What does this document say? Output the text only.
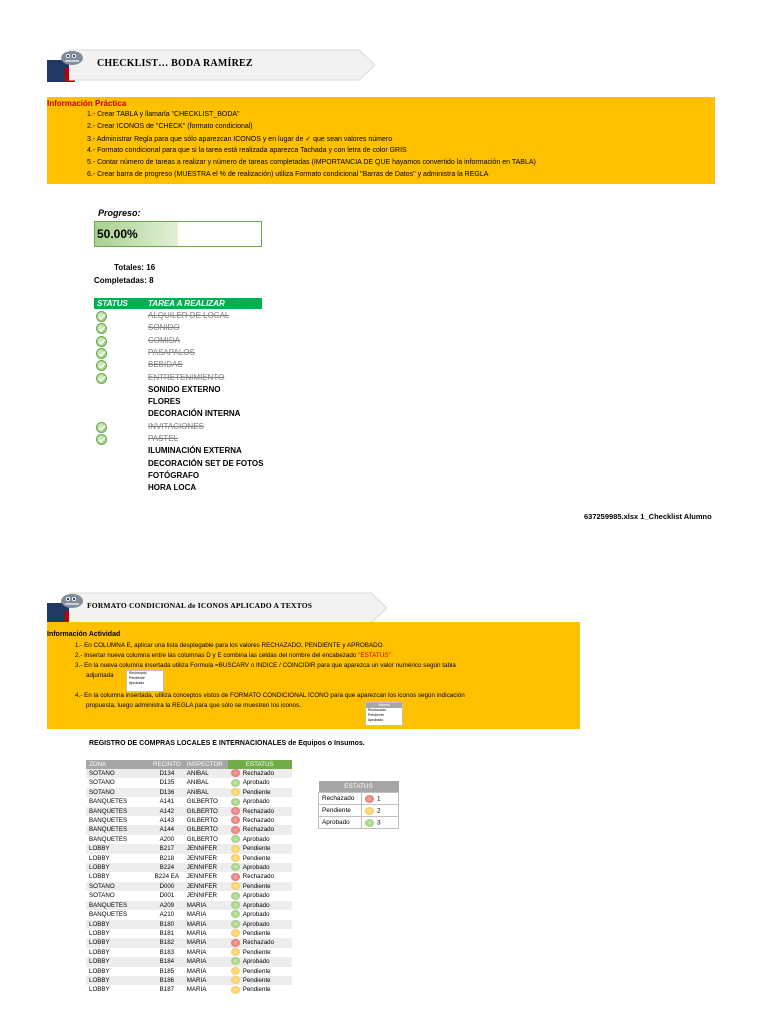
CHECKLIST… BODA RAMÍREZ
Información Práctica
1.- Crear TABLA y llamarla "CHECKLIST_BODA"
2.- Crear ICONOS de "CHECK" (formato condicional)
3.- Administrar Regla para que sólo aparezcan ICONOS y en lugar de ✓ que sean valores número
4.- Formato condicional para que si la tarea está realizada aparezca Tachada y con letra de color GRIS
5.- Contar número de tareas a realizar y número de tareas completadas (IMPORTANCIA DE QUE hayamos convertido la información en TABLA)
6.- Crear barra de progreso (MUESTRA el % de realización) utiliza Formato condicional "Barras de Datos" y administra la REGLA
Progreso:
50.00%
Totales: 16
Completadas: 8
STATUS	TAREA A REALIZAR
ALQUILER DE LOCAL
SONIDO
COMIDA
PASAPALOS
BEBIDAS
ENTRETENIMIENTO
SONIDO EXTERNO
FLORES
DECORACIÓN INTERNA
INVITACIONES
PASTEL
ILUMINACIÓN EXTERNA
DECORACIÓN SET DE FOTOS
FOTÓGRAFO
HORA LOCA
637259985.xlsx 1_Checklist Alumno
FORMATO CONDICIONAL de ICONOS APLICADO A TEXTOS
Información Actividad
1.- En COLUMNA E, aplicar una lista desplegable para los valores RECHAZADO, PENDIENTE y APROBADO
2.- Insertar nueva columna entre las columnas D y E combina las celdas del nombre del encabezado "ESTATUS"
3.- En la nueva columna insertada utiliza Formula =BUSCARV o INDICE / COINCIDIR para que aparezca un valor numérico según tabla
adjuntada	Rechazado
Pendiente
Aprobado
4.- En la columna insertada, utiliza conceptos vistos de FORMATO CONDICIONAL ICONO para que aparezcan los iconos según indicación
propuesta, luego administra la REGLA para que sólo se muestren los iconos.	Valores
Rechazado
Pendiente
Aprobado
REGISTRO DE COMPRAS LOCALES E INTERNACIONALES de Equipos o Insumos.
ZONA	RECINTO	INSPECTOR	ESTATUS
SOTANO	D134	ANIBAL	Rechazado
SOTANO	D135	ANIBAL	Aprobado
SOTANO	D136	ANIBAL	Pendiente
BANQUETES	A141	GILBERTO	Aprobado
BANQUETES	A142	GILBERTO	Rechazado
BANQUETES	A143	GILBERTO	Rechazado
BANQUETES	A144	GILBERTO	Rechazado
BANQUETES	A200	GILBERTO	Aprobado
LOBBY	B217	JENNIFER	Pendiente
LOBBY	B218	JENNIFER	Pendiente
LOBBY	B224	JENNIFER	Aprobado
LOBBY	B224 EA	JENNIFER	Rechazado
SOTANO	D000	JENNIFER	Pendiente
SOTANO	D001	JENNIFER	Aprobado
BANQUETES	A209	MARIA	Aprobado
BANQUETES	A210	MARIA	Aprobado
LOBBY	B180	MARIA	Aprobado
LOBBY	B181	MARIA	Pendiente
LOBBY	B182	MARIA	Rechazado
LOBBY	B183	MARIA	Pendiente
LOBBY	B184	MARIA	Aprobado
LOBBY	B185	MARIA	Pendiente
LOBBY	B186	MARIA	Pendiente
LOBBY	B187	MARIA	Pendiente
ESTATUS	
Rechazado	1
Pendiente	2
Aprobado	3
